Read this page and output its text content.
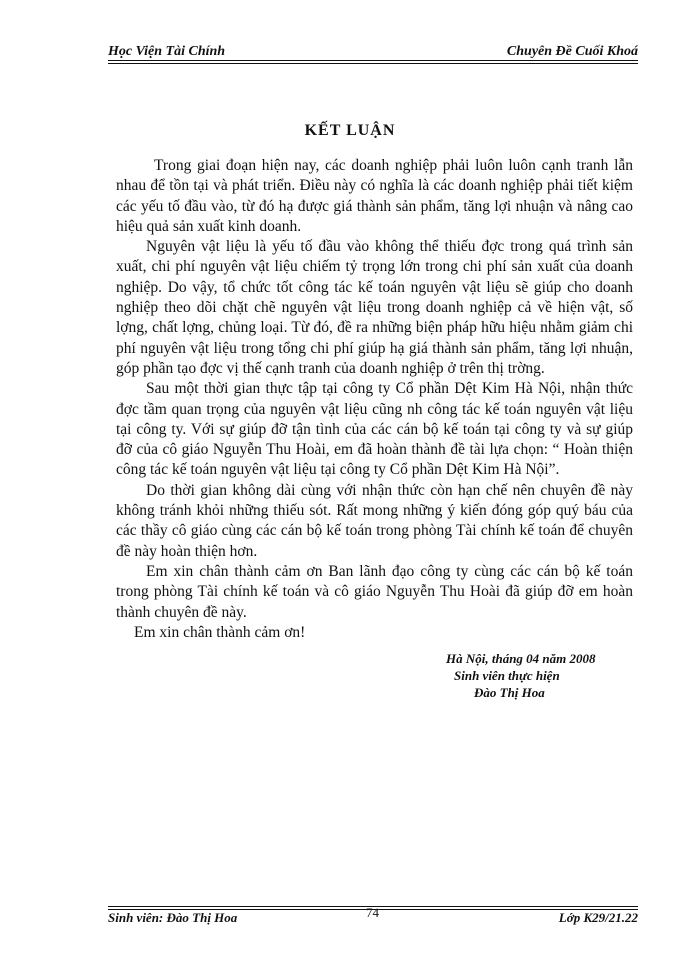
Học Viện Tài Chính	Chuyên Đề Cuối Khoá
KẾT LUẬN

Trong giai đoạn hiện nay, các doanh nghiệp phải luôn luôn cạnh tranh lẫn nhau để tồn tại và phát triển. Điều này có nghĩa là các doanh nghiệp phải tiết kiệm các yếu tố đầu vào, từ đó hạ được giá thành sản phẩm, tăng lợi nhuận và nâng cao hiệu quả sản xuất kinh doanh.

Nguyên vật liệu là yếu tố đầu vào không thể thiếu đợc trong quá trình sản xuất, chi phí nguyên vật liệu chiếm tỷ trọng lớn trong chi phí sản xuất của doanh nghiệp. Do vậy, tổ chức tốt công tác kế toán nguyên vật liệu sẽ giúp cho doanh nghiệp theo dõi chặt chẽ nguyên vật liệu trong doanh nghiệp cả về hiện vật, số lợng, chất lợng, chủng loại. Từ đó, đề ra những biện pháp hữu hiệu nhằm giảm chi phí nguyên vật liệu trong tổng chi phí giúp hạ giá thành sản phẩm, tăng lợi nhuận, góp phần tạo đợc vị thế cạnh tranh của doanh nghiệp ở trên thị trờng.

Sau một thời gian thực tập tại công ty Cổ phần Dệt Kim Hà Nội, nhận thức đợc tầm quan trọng của nguyên vật liệu cũng nh công tác kế toán nguyên vật liệu tại công ty. Với sự giúp đỡ tận tình của các cán bộ kế toán tại công ty và sự giúp đỡ của cô giáo Nguyễn Thu Hoài, em đã hoàn thành đề tài lựa chọn: “ Hoàn thiện công tác kế toán nguyên vật liệu tại công ty Cổ phần Dệt Kim Hà Nội”.

Do thời gian không dài cùng với nhận thức còn hạn chế nên chuyên đề này không tránh khỏi những thiếu sót. Rất mong những ý kiến đóng góp quý báu của các thầy cô giáo cùng các cán bộ kế toán trong phòng Tài chính kế toán để chuyên đề này hoàn thiện hơn.

Em xin chân thành cảm ơn Ban lãnh đạo công ty cùng các cán bộ kế toán trong phòng Tài chính kế toán và cô giáo Nguyễn Thu Hoài đã giúp đỡ em hoàn thành chuyên đề này.

Em xin chân thành cảm ơn!

Hà Nội, tháng 04 năm 2008
Sinh viên thực hiện
Đào Thị Hoa
Sinh viên: Đào Thị Hoa	74	Lớp K29/21.22
